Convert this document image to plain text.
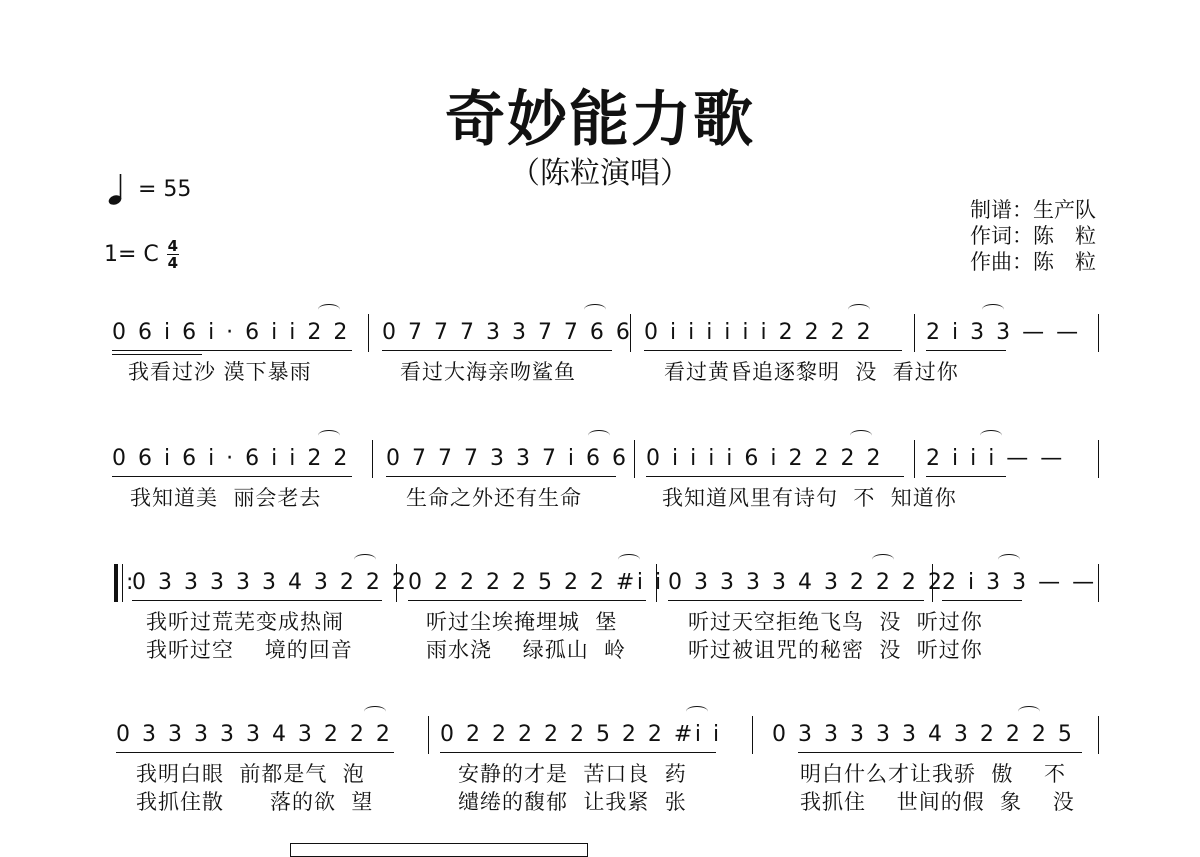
奇妙能力歌
（陈粒演唱）
= 55
1= C 4
4
制谱：生产队
作词：陈　粒
作曲：陈　粒
0 6 i 6 i · 6 i i 2 2 0 7 7 7 3 3 7 7 6 6 0 i i i i i i 2 2 2 2 2 i 3 3 — —
我看过沙 漠下暴雨	看过大海亲吻鲨鱼	看过黄昏追逐黎明  没  看过你
0 6 i 6 i · 6 i i 2 2 0 7 7 7 3 3 7 i 6 6 0 i i i i 6 i 2 2 2 2 2 i i i — —
我知道美  丽会老去	生命之外还有生命	我知道风里有诗句  不  知道你
:
0 3 3 3 3 3 4 3 2 2 2 0 2 2 2 2 5 2 2 #i i 0 3 3 3 3 4 3 2 2 2 2
2 i 3 3 — —
我听过荒芜变成热闹	听过尘埃掩埋城  堡	听过天空拒绝飞鸟  没  听过你
我听过空    境的回音	雨水浇    绿孤山  岭	听过被诅咒的秘密  没  听过你
0 3 3 3 3 3 4 3 2 2 2 0 2 2 2 2 2 5 2 2 #i i 0 3 3 3 3 3 4 3 2 2 2 5
我明白眼  前都是气  泡	安静的才是  苦口良  药	明白什么才让我骄  傲    不
我抓住散      落的欲  望	缱绻的馥郁  让我紧  张	我抓住    世间的假  象    没
